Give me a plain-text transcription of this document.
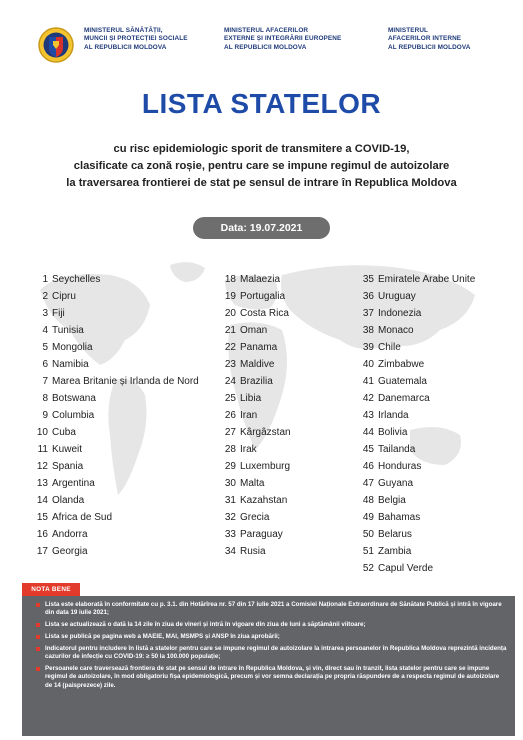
MINISTERUL SĂNĂTĂȚII,
MUNCII ȘI PROTECȚIEI SOCIALE
AL REPUBLICII MOLDOVA
MINISTERUL AFACERILOR
EXTERNE ȘI INTEGRĂRII EUROPENE
AL REPUBLICII MOLDOVA
MINISTERUL
AFACERILOR INTERNE
AL REPUBLICII MOLDOVA
LISTA STATELOR
cu risc epidemiologic sporit de transmitere a COVID-19,
clasificate ca zonă roșie, pentru care se impune regimul de autoizolare
la traversarea frontierei de stat pe sensul de intrare în Republica Moldova
Data: 19.07.2021
1 Seychelles
2 Cipru
3 Fiji
4 Tunisia
5 Mongolia
6 Namibia
7 Marea Britanie și Irlanda de Nord
8 Botswana
9 Columbia
10 Cuba
11 Kuweit
12 Spania
13 Argentina
14 Olanda
15 Africa de Sud
16 Andorra
17 Georgia
18 Malaezia
19 Portugalia
20 Costa Rica
21 Oman
22 Panama
23 Maldive
24 Brazilia
25 Libia
26 Iran
27 Kârgâzstan
28 Irak
29 Luxemburg
30 Malta
31 Kazahstan
32 Grecia
33 Paraguay
34 Rusia
35 Emiratele Arabe Unite
36 Uruguay
37 Indonezia
38 Monaco
39 Chile
40 Zimbabwe
41 Guatemala
42 Danemarca
43 Irlanda
44 Bolivia
45 Tailanda
46 Honduras
47 Guyana
48 Belgia
49 Bahamas
50 Belarus
51 Zambia
52 Capul Verde
NOTA BENE
Lista este elaborată în conformitate cu p. 3.1. din Hotărîrea nr. 57 din 17 iulie 2021 a Comisiei Naționale Extraordinare de Sănătate Publică și intră în vigoare din data 19 iulie 2021;
Lista se actualizează o dată la 14 zile în ziua de vineri și intră în vigoare din ziua de luni a săptămânii viitoare;
Lista se publică pe pagina web a MAEIE, MAI, MSMPS și ANSP în ziua aprobării;
Indicatorul pentru includere în listă a statelor pentru care se impune regimul de autoizolare la intrarea persoanelor în Republica Moldova reprezintă incidența cazurilor de infecție cu COVID-19: ≥ 50 la 100.000 populație;
Persoanele care traversează frontiera de stat pe sensul de intrare în Republica Moldova, și vin, direct sau în tranzit, lista statelor pentru care se impune regimul de autoizolare, în mod obligatoriu fișa epidemiologică, precum și vor semna declarația pe propria răspundere de a respecta regimul de autoizolare de 14 (paisprezece) zile.
